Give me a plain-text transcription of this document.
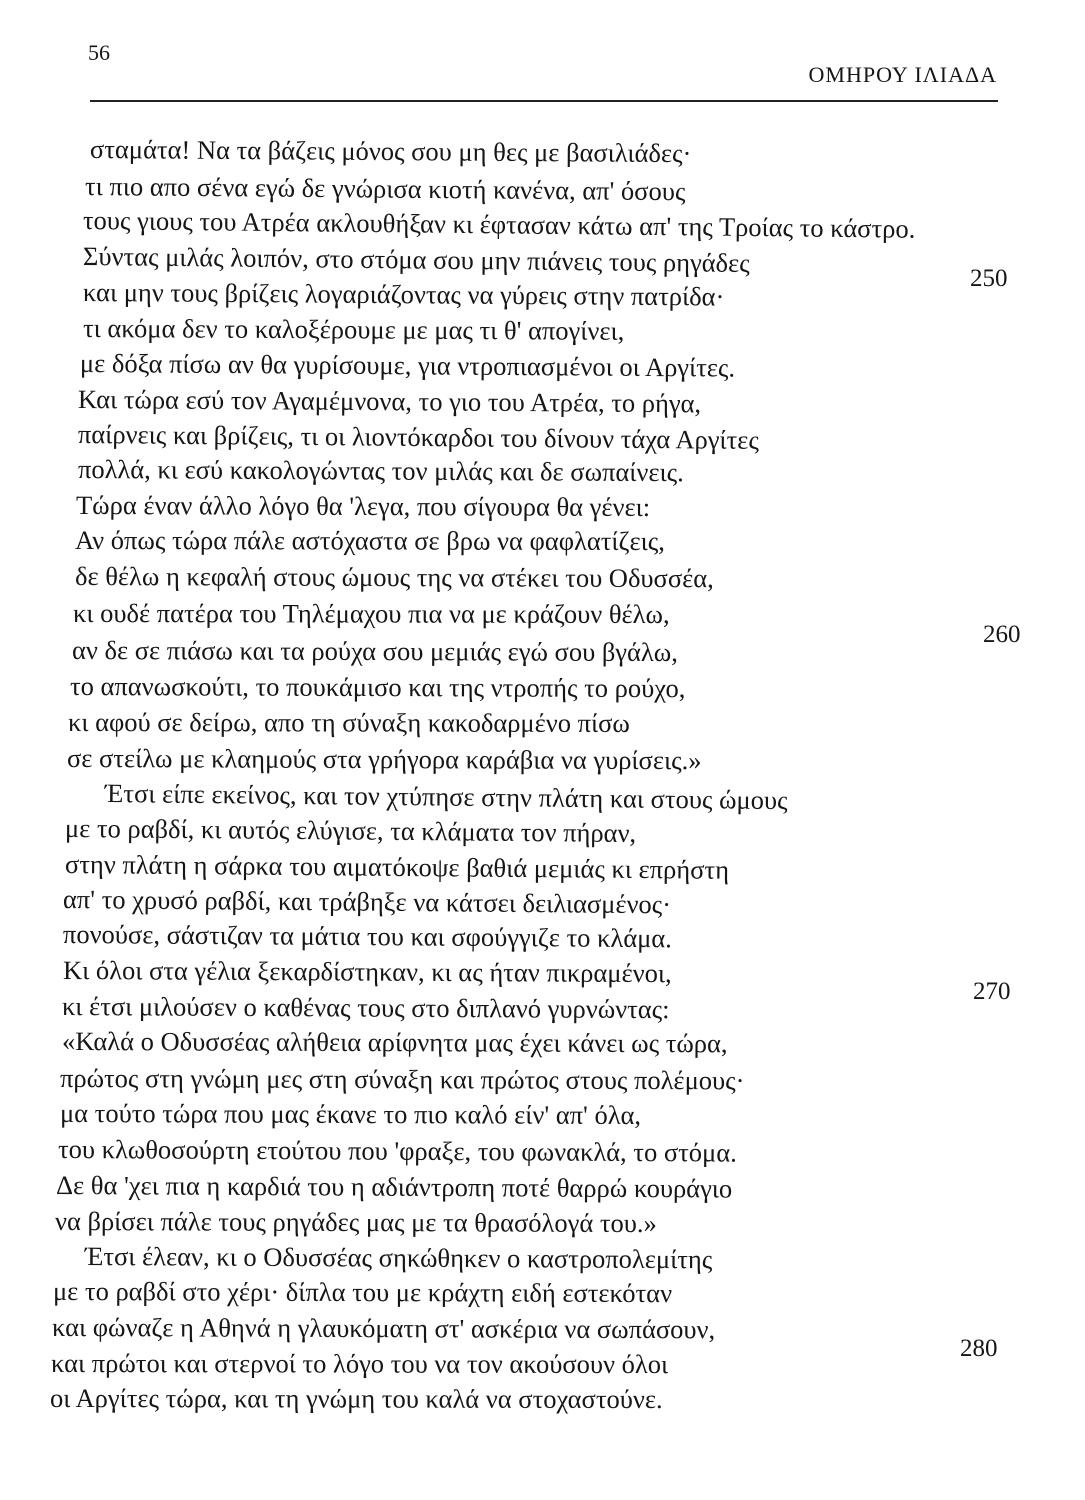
56
ΟΜΗΡΟΥ ΙΛΙΑΔΑ
σταμάτα! Να τα βάζεις μόνος σου μη θες με βασιλιάδες·
τι πιο απο σένα εγώ δε γνώρισα κιοτή κανένα, απ' όσους
τους γιους του Ατρέα ακλουθήξαν κι έφτασαν κάτω απ' της Τροίας το κάστρο.
Σύντας μιλάς λοιπόν, στο στόμα σου μην πιάνεις τους ρηγάδες
και μην τους βρίζεις λογαριάζοντας να γύρεις στην πατρίδα·
τι ακόμα δεν το καλοξέρουμε με μας τι θ' απογίνει,
με δόξα πίσω αν θα γυρίσουμε, για ντροπιασμένοι οι Αργίτες.
Και τώρα εσύ τον Αγαμέμνονα, το γιο του Ατρέα, το ρήγα,
παίρνεις και βρίζεις, τι οι λιοντόκαρδοι του δίνουν τάχα Αργίτες
πολλά, κι εσύ κακολογώντας τον μιλάς και δε σωπαίνεις.
Τώρα έναν άλλο λόγο θα 'λεγα, που σίγουρα θα γένει:
Αν όπως τώρα πάλε αστόχαστα σε βρω να φαφλατίζεις,
δε θέλω η κεφαλή στους ώμους της να στέκει του Οδυσσέα,
κι ουδέ πατέρα του Τηλέμαχου πια να με κράζουν θέλω,
αν δε σε πιάσω και τα ρούχα σου μεμιάς εγώ σου βγάλω,
το απανωσκούτι, το πουκάμισο και της ντροπής το ρούχο,
κι αφού σε δείρω, απο τη σύναξη κακοδαρμένο πίσω
σε στείλω με κλαημούς στα γρήγορα καράβια να γυρίσεις.»
Έτσι είπε εκείνος, και τον χτύπησε στην πλάτη και στους ώμους
με το ραβδί, κι αυτός ελύγισε, τα κλάματα τον πήραν,
στην πλάτη η σάρκα του αιματόκοψε βαθιά μεμιάς κι επρήστη
απ' το χρυσό ραβδί, και τράβηξε να κάτσει δειλιασμένος·
πονούσε, σάστιζαν τα μάτια του και σφούγγιζε το κλάμα.
Κι όλοι στα γέλια ξεκαρδίστηκαν, κι ας ήταν πικραμένοι,
κι έτσι μιλούσεν ο καθένας τους στο διπλανό γυρνώντας:
«Καλά ο Οδυσσέας αλήθεια αρίφνητα μας έχει κάνει ως τώρα,
πρώτος στη γνώμη μες στη σύναξη και πρώτος στους πολέμους·
μα τούτο τώρα που μας έκανε το πιο καλό είν' απ' όλα,
του κλωθοσούρτη ετούτου που 'φραξε, του φωνακλά, το στόμα.
Δε θα 'χει πια η καρδιά του η αδιάντροπη ποτέ θαρρώ κουράγιο
να βρίσει πάλε τους ρηγάδες μας με τα θρασόλογά του.»
Έτσι έλεαν, κι ο Οδυσσέας σηκώθηκεν ο καστροπολεμίτης
με το ραβδί στο χέρι· δίπλα του με κράχτη ειδή εστεκόταν
και φώναζε η Αθηνά η γλαυκόματη στ' ασκέρια να σωπάσουν,
και πρώτοι και στερνοί το λόγο του να τον ακούσουν όλοι
οι Αργίτες τώρα, και τη γνώμη του καλά να στοχαστούνε.
250
260
270
280
